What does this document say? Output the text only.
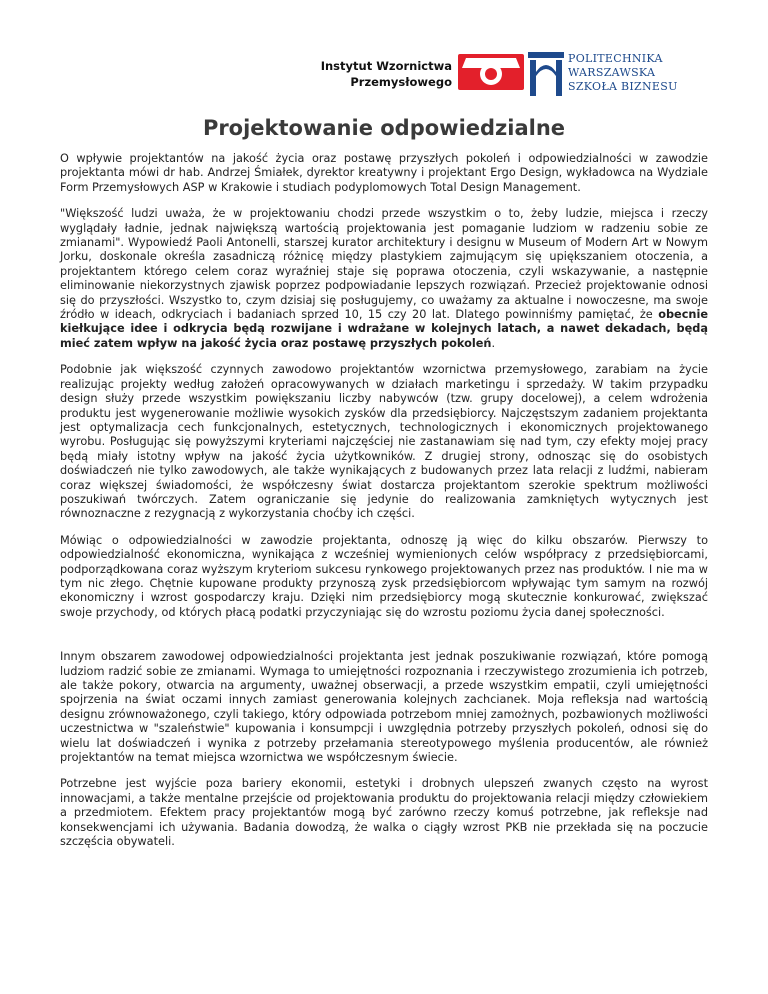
Instytut Wzornictwa
Przemysłowego
POLITECHNIKA
WARSZAWSKA
SZKOŁA BIZNESU
Projektowanie odpowiedzialne

O wpływie projektantów na jakość życia oraz postawę przyszłych pokoleń i odpowiedzialności w zawodzie projektanta mówi dr hab. Andrzej Śmiałek, dyrektor kreatywny i projektant Ergo Design, wykładowca na Wydziale Form Przemysłowych ASP w Krakowie i studiach podyplomowych Total Design Management.

"Większość ludzi uważa, że w projektowaniu chodzi przede wszystkim o to, żeby ludzie, miejsca i rzeczy wyglądały ładnie, jednak największą wartością projektowania jest pomaganie ludziom w radzeniu sobie ze zmianami". Wypowiedź Paoli Antonelli, starszej kurator architektury i designu w Museum of Modern Art w Nowym Jorku, doskonale określa zasadniczą różnicę między plastykiem zajmującym się upiększaniem otoczenia, a projektantem którego celem coraz wyraźniej staje się poprawa otoczenia, czyli wskazywanie, a następnie eliminowanie niekorzystnych zjawisk poprzez podpowiadanie lepszych rozwiązań. Przecież projektowanie odnosi się do przyszłości. Wszystko to, czym dzisiaj się posługujemy, co uważamy za aktualne i nowoczesne, ma swoje źródło w ideach, odkryciach i badaniach sprzed 10, 15 czy 20 lat. Dlatego powinniśmy pamiętać, że obecnie kiełkujące idee i odkrycia będą rozwijane i wdrażane w kolejnych latach, a nawet dekadach, będą mieć zatem wpływ na jakość życia oraz postawę przyszłych pokoleń.

Podobnie jak większość czynnych zawodowo projektantów wzornictwa przemysłowego, zarabiam na życie realizując projekty według założeń opracowywanych w działach marketingu i sprzedaży. W takim przypadku design służy przede wszystkim powiększaniu liczby nabywców (tzw. grupy docelowej), a celem wdrożenia produktu jest wygenerowanie możliwie wysokich zysków dla przedsiębiorcy. Najczęstszym zadaniem projektanta jest optymalizacja cech funkcjonalnych, estetycznych, technologicznych i ekonomicznych projektowanego wyrobu. Posługując się powyższymi kryteriami najczęściej nie zastanawiam się nad tym, czy efekty mojej pracy będą miały istotny wpływ na jakość życia użytkowników. Z drugiej strony, odnosząc się do osobistych doświadczeń nie tylko zawodowych, ale także wynikających z budowanych przez lata relacji z ludźmi, nabieram coraz większej świadomości, że współczesny świat dostarcza projektantom szerokie spektrum możliwości poszukiwań twórczych. Zatem ograniczanie się jedynie do realizowania zamkniętych wytycznych jest równoznaczne z rezygnacją z wykorzystania choćby ich części.

Mówiąc o odpowiedzialności w zawodzie projektanta, odnoszę ją więc do kilku obszarów. Pierwszy to odpowiedzialność ekonomiczna, wynikająca z wcześniej wymienionych celów współpracy z przedsiębiorcami, podporządkowana coraz wyższym kryteriom sukcesu rynkowego projektowanych przez nas produktów. I nie ma w tym nic złego. Chętnie kupowane produkty przynoszą zysk przedsiębiorcom wpływając tym samym na rozwój ekonomiczny i wzrost gospodarczy kraju. Dzięki nim przedsiębiorcy mogą skutecznie konkurować, zwiększać swoje przychody, od których płacą podatki przyczyniając się do wzrostu poziomu życia danej społeczności.

Innym obszarem zawodowej odpowiedzialności projektanta jest jednak poszukiwanie rozwiązań, które pomogą ludziom radzić sobie ze zmianami. Wymaga to umiejętności rozpoznania i rzeczywistego zrozumienia ich potrzeb, ale także pokory, otwarcia na argumenty, uważnej obserwacji, a przede wszystkim empatii, czyli umiejętności spojrzenia na świat oczami innych zamiast generowania kolejnych zachcianek. Moja refleksja nad wartością designu zrównoważonego, czyli takiego, który odpowiada potrzebom mniej zamożnych, pozbawionych możliwości uczestnictwa w "szaleństwie" kupowania i konsumpcji i uwzględnia potrzeby przyszłych pokoleń, odnosi się do wielu lat doświadczeń i wynika z potrzeby przełamania stereotypowego myślenia producentów, ale również projektantów na temat miejsca wzornictwa we współczesnym świecie.

Potrzebne jest wyjście poza bariery ekonomii, estetyki i drobnych ulepszeń zwanych często na wyrost innowacjami, a także mentalne przejście od projektowania produktu do projektowania relacji między człowiekiem a przedmiotem. Efektem pracy projektantów mogą być zarówno rzeczy komuś potrzebne, jak refleksje nad konsekwencjami ich używania. Badania dowodzą, że walka o ciągły wzrost PKB nie przekłada się na poczucie szczęścia obywateli.
